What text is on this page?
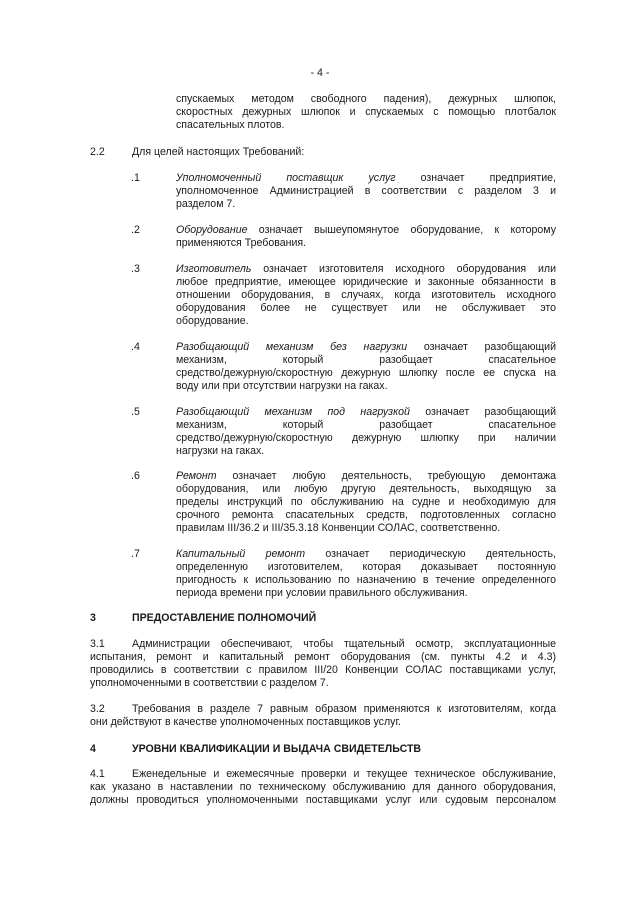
- 4 -
спускаемых методом свободного падения), дежурных шлюпок,
скоростных дежурных шлюпок и спускаемых с помощью плотбалок
спасательных плотов.
2.2	Для целей настоящих Требований:
.1	Уполномоченный поставщик услуг означает предприятие,
уполномоченное Администрацией в соответствии с разделом 3 и
разделом 7.
.2	Оборудование означает вышеупомянутое оборудование, к которому
применяются Требования.
.3	Изготовитель означает изготовителя исходного оборудования или
любое предприятие, имеющее юридические и законные обязанности в
отношении оборудования, в случаях, когда изготовитель исходного
оборудования более не существует или не обслуживает это
оборудование.
.4	Разобщающий механизм без нагрузки означает разобщающий
механизм, который разобщает спасательное
средство/дежурную/скоростную дежурную шлюпку после ее спуска на
воду или при отсутствии нагрузки на гаках.
.5	Разобщающий механизм под нагрузкой означает разобщающий
механизм, который разобщает спасательное
средство/дежурную/скоростную дежурную шлюпку при наличии
нагрузки на гаках.
.6	Ремонт означает любую деятельность, требующую демонтажа
оборудования, или любую другую деятельность, выходящую за
пределы инструкций по обслуживанию на судне и необходимую для
срочного ремонта спасательных средств, подготовленных согласно
правилам III/36.2 и III/35.3.18 Конвенции СОЛАС, соответственно.
.7	Капитальный ремонт означает периодическую деятельность,
определенную изготовителем, которая доказывает постоянную
пригодность к использованию по назначению в течение определенного
периода времени при условии правильного обслуживания.
3	ПРЕДОСТАВЛЕНИЕ ПОЛНОМОЧИЙ
3.1	Администрации обеспечивают, чтобы тщательный осмотр, эксплуатационные
испытания, ремонт и капитальный ремонт оборудования (см. пункты 4.2 и 4.3)
проводились в соответствии с правилом III/20 Конвенции СОЛАС поставщиками услуг,
уполномоченными в соответствии с разделом 7.
3.2	Требования в разделе 7 равным образом применяются к изготовителям, когда
они действуют в качестве уполномоченных поставщиков услуг.
4	УРОВНИ КВАЛИФИКАЦИИ И ВЫДАЧА СВИДЕТЕЛЬСТВ
4.1	Еженедельные и ежемесячные проверки и текущее техническое обслуживание,
как указано в наставлении по техническому обслуживанию для данного оборудования,
должны проводиться уполномоченными поставщиками услуг или судовым персоналом
